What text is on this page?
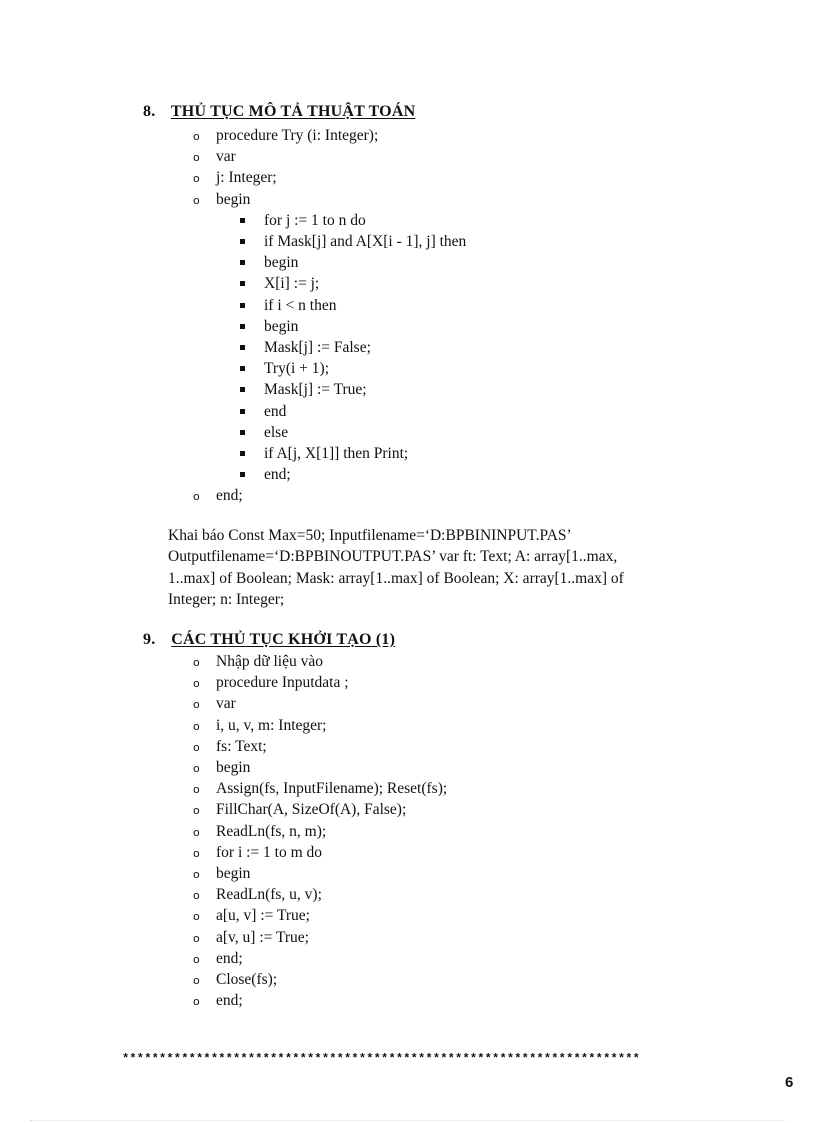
8. THỦ TỤC MÔ TẢ THUẬT TOÁN
o procedure Try (i: Integer);
o var
o j: Integer;
o begin
for j := 1 to n do
if Mask[j] and A[X[i - 1], j] then
begin
X[i] := j;
if i < n then
begin
Mask[j] := False;
Try(i + 1);
Mask[j] := True;
end
else
if A[j, X[1]] then Print;
end;
o end;
Khai báo Const Max=50; Inputfilename=‘D:BPBININPUT.PAS’
Outputfilename=‘D:BPBINOUTPUT.PAS’ var ft: Text; A: array[1..max,
1..max] of Boolean; Mask: array[1..max] of Boolean; X: array[1..max] of
Integer; n: Integer;
9. CÁC THỦ TỤC KHỞI TẠO (1)
o Nhập dữ liệu vào
o procedure Inputdata ;
o var
o i, u, v, m: Integer;
o fs: Text;
o begin
o Assign(fs, InputFilename); Reset(fs);
o FillChar(A, SizeOf(A), False);
o ReadLn(fs, n, m);
o for i := 1 to m do
o begin
o ReadLn(fs, u, v);
o a[u, v] := True;
o a[v, u] := True;
o end;
o Close(fs);
o end;
**********************************************************************
6
